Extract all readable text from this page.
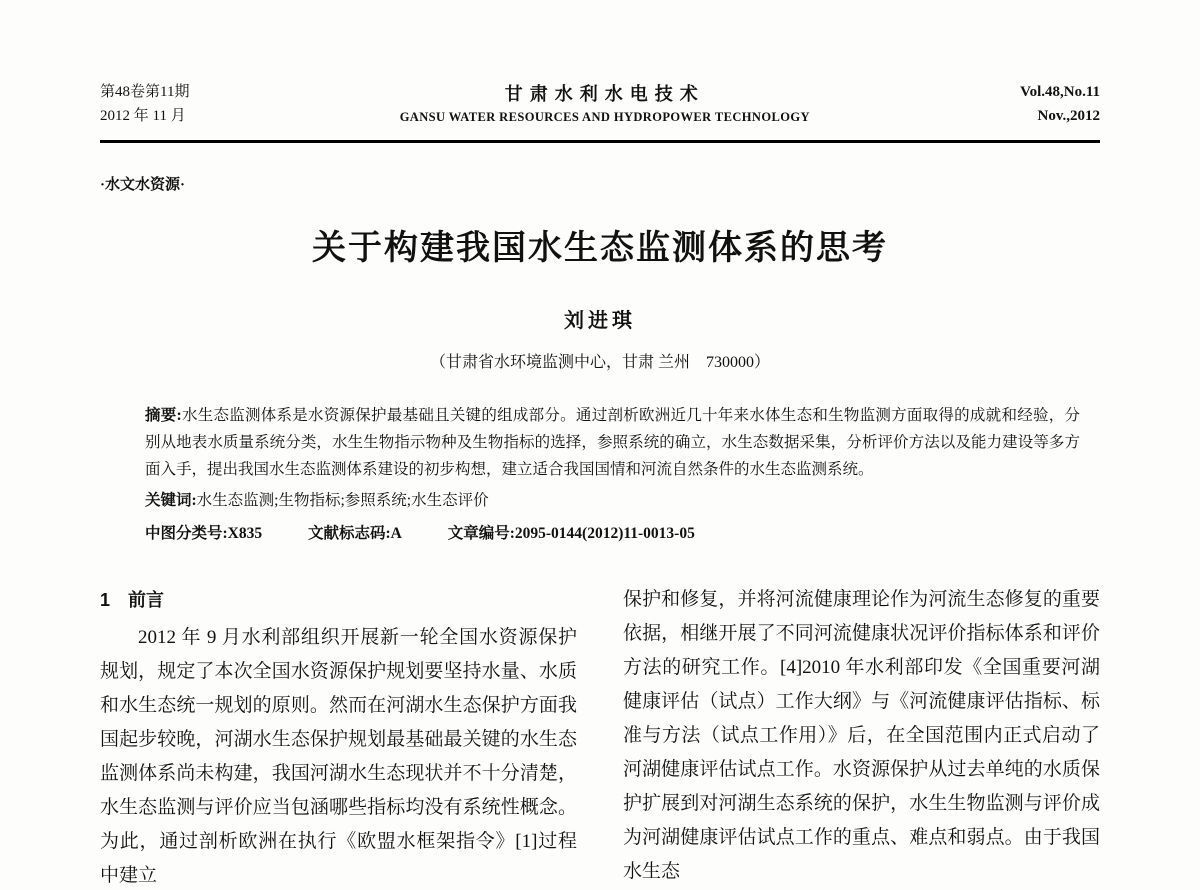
第48卷第11期
2012 年 11 月
甘肃水利水电技术
GANSU WATER RESOURCES AND HYDROPOWER TECHNOLOGY
Vol.48,No.11
Nov.,2012
·水文水资源·
关于构建我国水生态监测体系的思考
刘进琪
（甘肃省水环境监测中心，甘肃 兰州　730000）
摘要:水生态监测体系是水资源保护最基础且关键的组成部分。通过剖析欧洲近几十年来水体生态和生物监测方面取得的成就和经验，分别从地表水质量系统分类，水生生物指示物种及生物指标的选择，参照系统的确立，水生态数据采集，分析评价方法以及能力建设等多方面入手，提出我国水生态监测体系建设的初步构想，建立适合我国国情和河流自然条件的水生态监测系统。
关键词:水生态监测;生物指标;参照系统;水生态评价
中图分类号:X835	文献标志码:A	文章编号:2095-0144(2012)11-0013-05
1　前言

2012 年 9 月水利部组织开展新一轮全国水资源保护规划，规定了本次全国水资源保护规划要坚持水量、水质和水生态统一规划的原则。然而在河湖水生态保护方面我国起步较晚，河湖水生态保护规划最基础最关键的水生态监测体系尚未构建，我国河湖水生态现状并不十分清楚，水生态监测与评价应当包涵哪些指标均没有系统性概念。为此，通过剖析欧洲在执行《欧盟水框架指令》[1]过程中建立

保护和修复，并将河流健康理论作为河流生态修复的重要依据，相继开展了不同河流健康状况评价指标体系和评价方法的研究工作。[4]2010 年水利部印发《全国重要河湖健康评估（试点）工作大纲》与《河流健康评估指标、标准与方法（试点工作用）》后，在全国范围内正式启动了河湖健康评估试点工作。水资源保护从过去单纯的水质保护扩展到对河湖生态系统的保护，水生生物监测与评价成为河湖健康评估试点工作的重点、难点和弱点。由于我国水生态
